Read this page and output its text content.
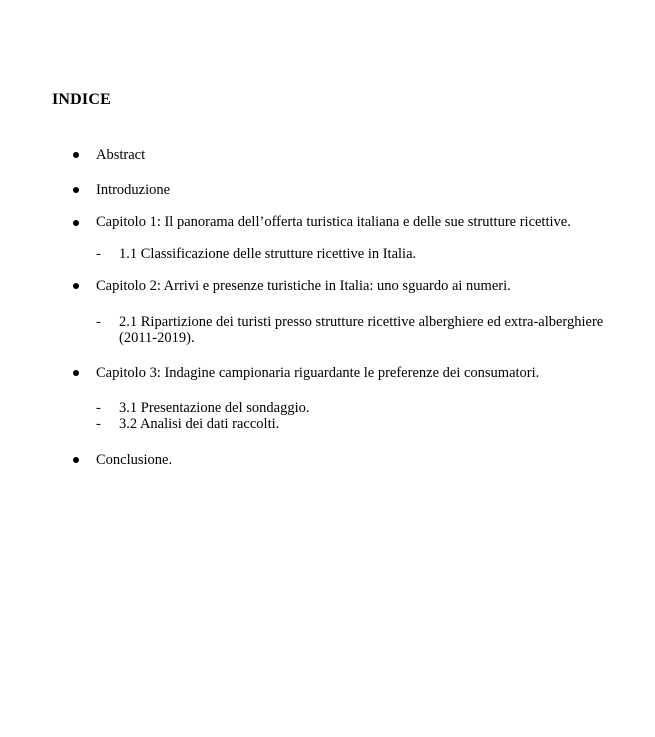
INDICE
Abstract
Introduzione
Capitolo 1: Il panorama dell’offerta turistica italiana e delle sue strutture ricettive.
- 1.1 Classificazione delle strutture ricettive in Italia.
Capitolo 2: Arrivi e presenze turistiche in Italia: uno sguardo ai numeri.
- 2.1 Ripartizione dei turisti presso strutture ricettive alberghiere ed extra-alberghiere (2011-2019).
Capitolo 3: Indagine campionaria riguardante le preferenze dei consumatori.
- 3.1 Presentazione del sondaggio.
- 3.2 Analisi dei dati raccolti.
Conclusione.
